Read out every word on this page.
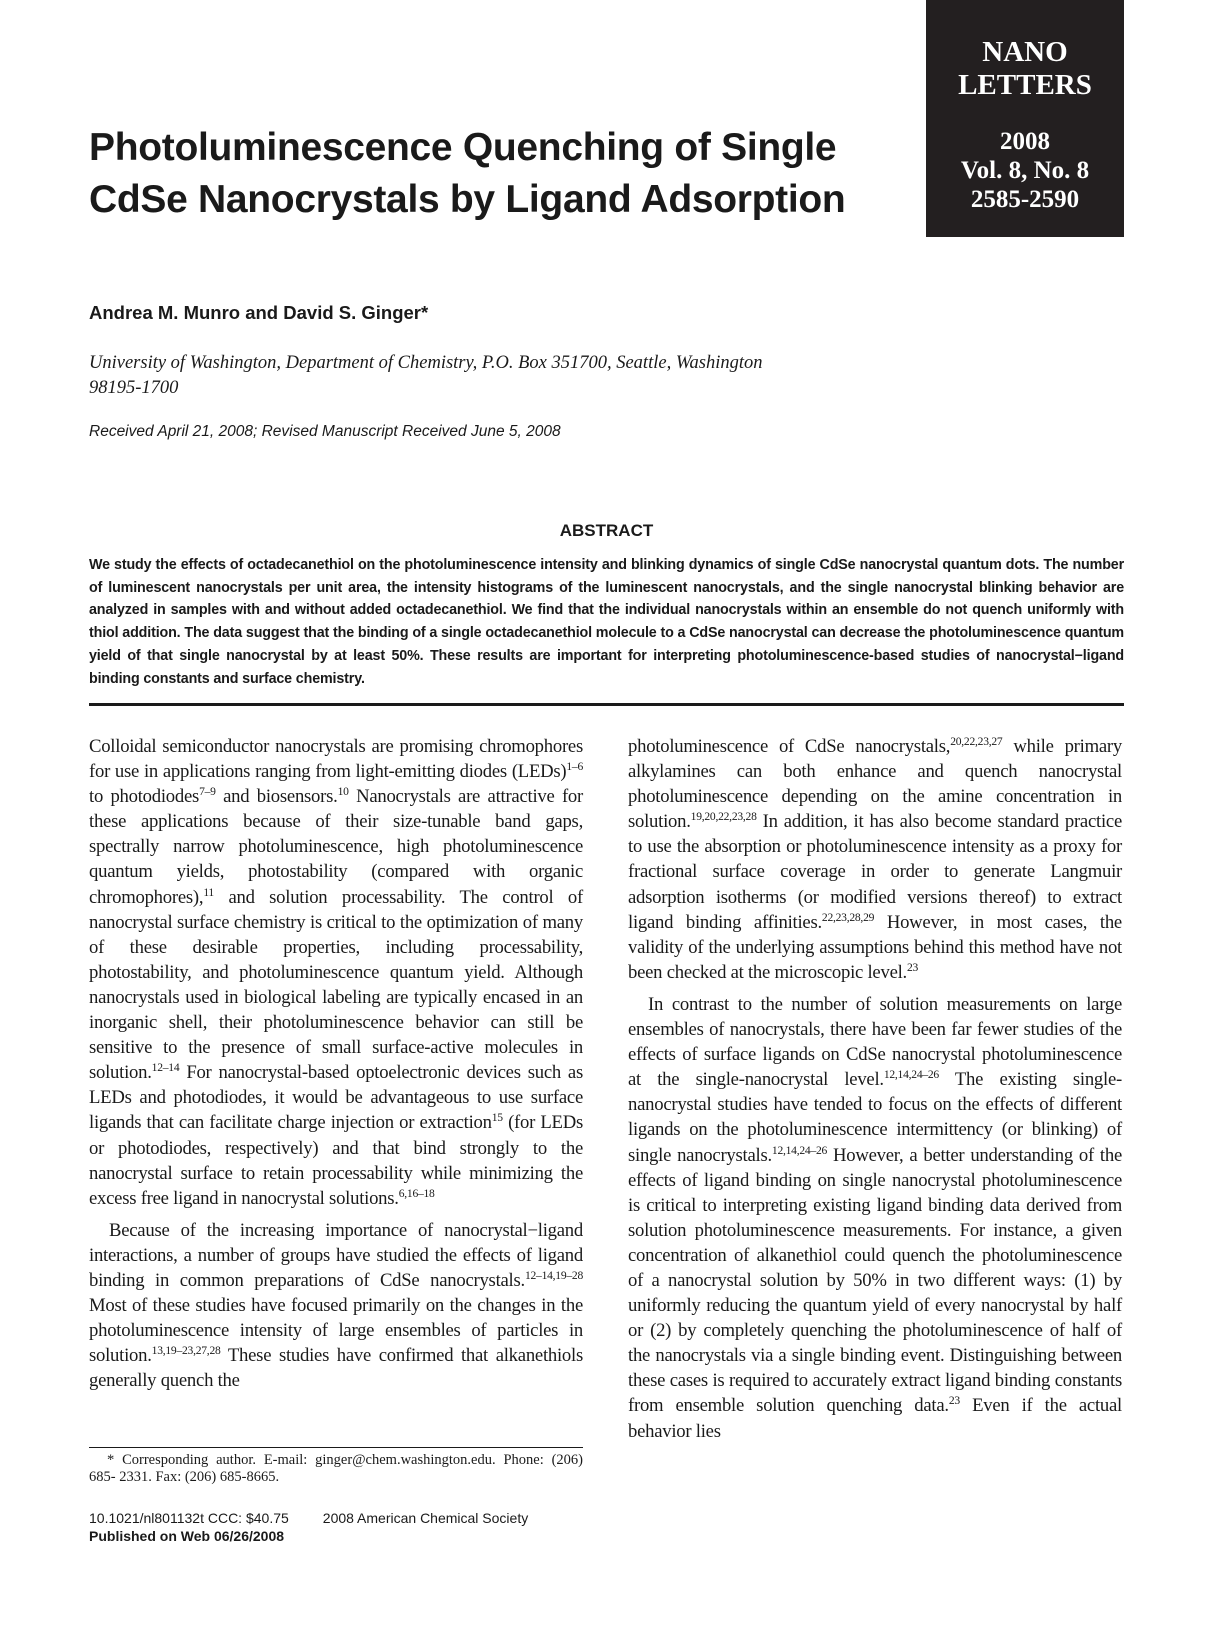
NANO
LETTERS
2008
Vol. 8, No. 8
2585-2590
Photoluminescence Quenching of Single CdSe Nanocrystals by Ligand Adsorption
Andrea M. Munro and David S. Ginger*
University of Washington, Department of Chemistry, P.O. Box 351700, Seattle, Washington 98195-1700
Received April 21, 2008; Revised Manuscript Received June 5, 2008
ABSTRACT
We study the effects of octadecanethiol on the photoluminescence intensity and blinking dynamics of single CdSe nanocrystal quantum dots. The number of luminescent nanocrystals per unit area, the intensity histograms of the luminescent nanocrystals, and the single nanocrystal blinking behavior are analyzed in samples with and without added octadecanethiol. We find that the individual nanocrystals within an ensemble do not quench uniformly with thiol addition. The data suggest that the binding of a single octadecanethiol molecule to a CdSe nanocrystal can decrease the photoluminescence quantum yield of that single nanocrystal by at least 50%. These results are important for interpreting photoluminescence-based studies of nanocrystal−ligand binding constants and surface chemistry.

Colloidal semiconductor nanocrystals are promising chromophores for use in applications ranging from light-emitting diodes (LEDs)$^{1-6}$ to photodiodes$^{7-9}$ and biosensors.$^{10}$ Nanocrystals are attractive for these applications because of their size-tunable band gaps, spectrally narrow photoluminescence, high photoluminescence quantum yields, photostability (compared with organic chromophores),$^{11}$ and solution processability. The control of nanocrystal surface chemistry is critical to the optimization of many of these desirable properties, including processability, photostability, and photoluminescence quantum yield. Although nanocrystals used in biological labeling are typically encased in an inorganic shell, their photoluminescence behavior can still be sensitive to the presence of small surface-active molecules in solution.$^{12-14}$ For nanocrystal-based optoelectronic devices such as LEDs and photodiodes, it would be advantageous to use surface ligands that can facilitate charge injection or extraction$^{15}$ (for LEDs or photodiodes, respectively) and that bind strongly to the nanocrystal surface to retain processability while minimizing the excess free ligand in nanocrystal solutions.$^{6,16-18}$

Because of the increasing importance of nanocrystal−ligand interactions, a number of groups have studied the effects of ligand binding in common preparations of CdSe nanocrystals.$^{12-14,19-28}$ Most of these studies have focused primarily on the changes in the photoluminescence intensity of large ensembles of particles in solution.$^{13,19-23,27,28}$ These studies have confirmed that alkanethiols generally quench the

photoluminescence of CdSe nanocrystals,$^{20,22,23,27}$ while primary alkylamines can both enhance and quench nanocrystal photoluminescence depending on the amine concentration in solution.$^{19,20,22,23,28}$ In addition, it has also become standard practice to use the absorption or photoluminescence intensity as a proxy for fractional surface coverage in order to generate Langmuir adsorption isotherms (or modified versions thereof) to extract ligand binding affinities.$^{22,23,28,29}$ However, in most cases, the validity of the underlying assumptions behind this method have not been checked at the microscopic level.$^{23}$

In contrast to the number of solution measurements on large ensembles of nanocrystals, there have been far fewer studies of the effects of surface ligands on CdSe nanocrystal photoluminescence at the single-nanocrystal level.$^{12,14,24-26}$ The existing single-nanocrystal studies have tended to focus on the effects of different ligands on the photoluminescence intermittency (or blinking) of single nanocrystals.$^{12,14,24-26}$ However, a better understanding of the effects of ligand binding on single nanocrystal photoluminescence is critical to interpreting existing ligand binding data derived from solution photoluminescence measurements. For instance, a given concentration of alkanethiol could quench the photoluminescence of a nanocrystal solution by 50% in two different ways: (1) by uniformly reducing the quantum yield of every nanocrystal by half or (2) by completely quenching the photoluminescence of half of the nanocrystals via a single binding event. Distinguishing between these cases is required to accurately extract ligand binding constants from ensemble solution quenching data.$^{23}$ Even if the actual behavior lies

* Corresponding author. E-mail: ginger@chem.washington.edu. Phone: (206) 685- 2331. Fax: (206) 685-8665.
10.1021/nl801132t CCC: $40.75 2008 American Chemical Society
Published on Web 06/26/2008
